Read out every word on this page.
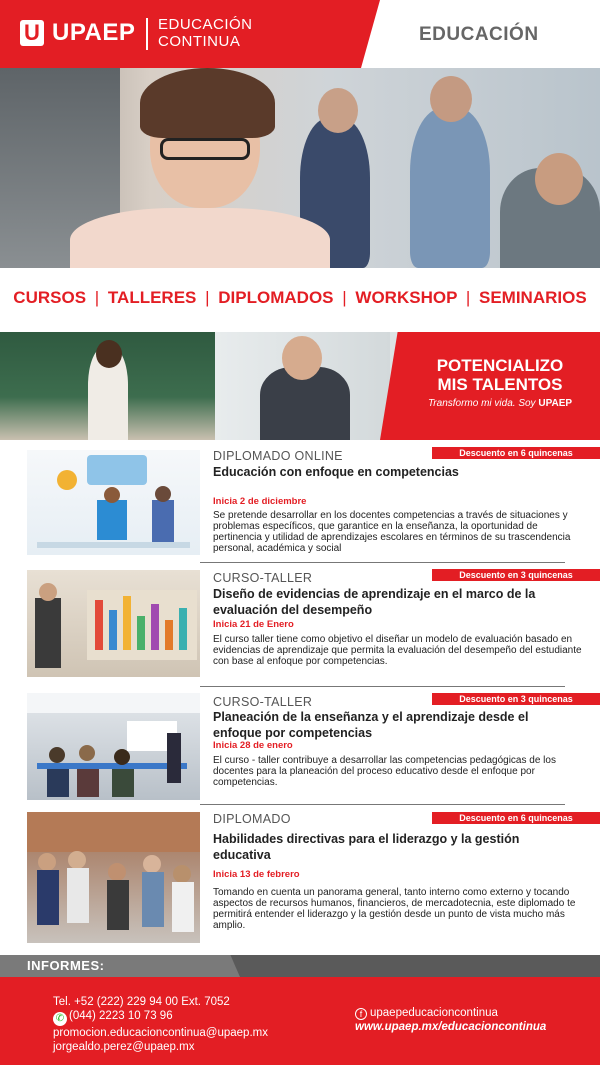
U UPAEP EDUCACIÓN
CONTINUA	EDUCACIÓN
CURSOS | TALLERES | DIPLOMADOS | WORKSHOP | SEMINARIOS
POTENCIALIZO
MIS TALENTOS
Transformo mi vida. Soy UPAEP
DIPLOMADO ONLINE	Descuento en 6 quincenas
Educación con enfoque en competencias
Inicia 2 de diciembre
Se pretende desarrollar en los docentes competencias a través de situaciones y problemas específicos, que garantice en la enseñanza, la oportunidad de pertinencia y utilidad de aprendizajes escolares en términos de su trascendencia personal, académica y social
CURSO-TALLER	Descuento en 3 quincenas
Diseño de evidencias de aprendizaje en el marco de la evaluación del desempeño
Inicia 21 de Enero
El curso taller tiene como objetivo el diseñar un modelo de evaluación basado en evidencias de aprendizaje que permita la evaluación del desempeño del estudiante con base al enfoque por competencias.
CURSO-TALLER	Descuento en 3 quincenas
Planeación de la enseñanza y el aprendizaje desde el enfoque por competencias
Inicia 28 de enero
El curso - taller contribuye a desarrollar las competencias pedagógicas de los docentes para la planeación del proceso educativo desde el enfoque por competencias.
DIPLOMADO	Descuento en 6 quincenas
Habilidades directivas para el liderazgo y la gestión educativa
Inicia 13 de febrero
Tomando en cuenta un panorama general, tanto interno como externo y tocando aspectos de recursos humanos, financieros, de mercadotecnia, este diplomado te permitirá entender el liderazgo y la gestión desde un punto de vista mucho más amplio.
INFORMES:
Tel. +52 (222) 229 94 00 Ext. 7052
✆ (044) 2223 10 73 96
promocion.educacioncontinua@upaep.mx
jorgealdo.perez@upaep.mx
f upaepeducacioncontinua
www.upaep.mx/educacioncontinua
